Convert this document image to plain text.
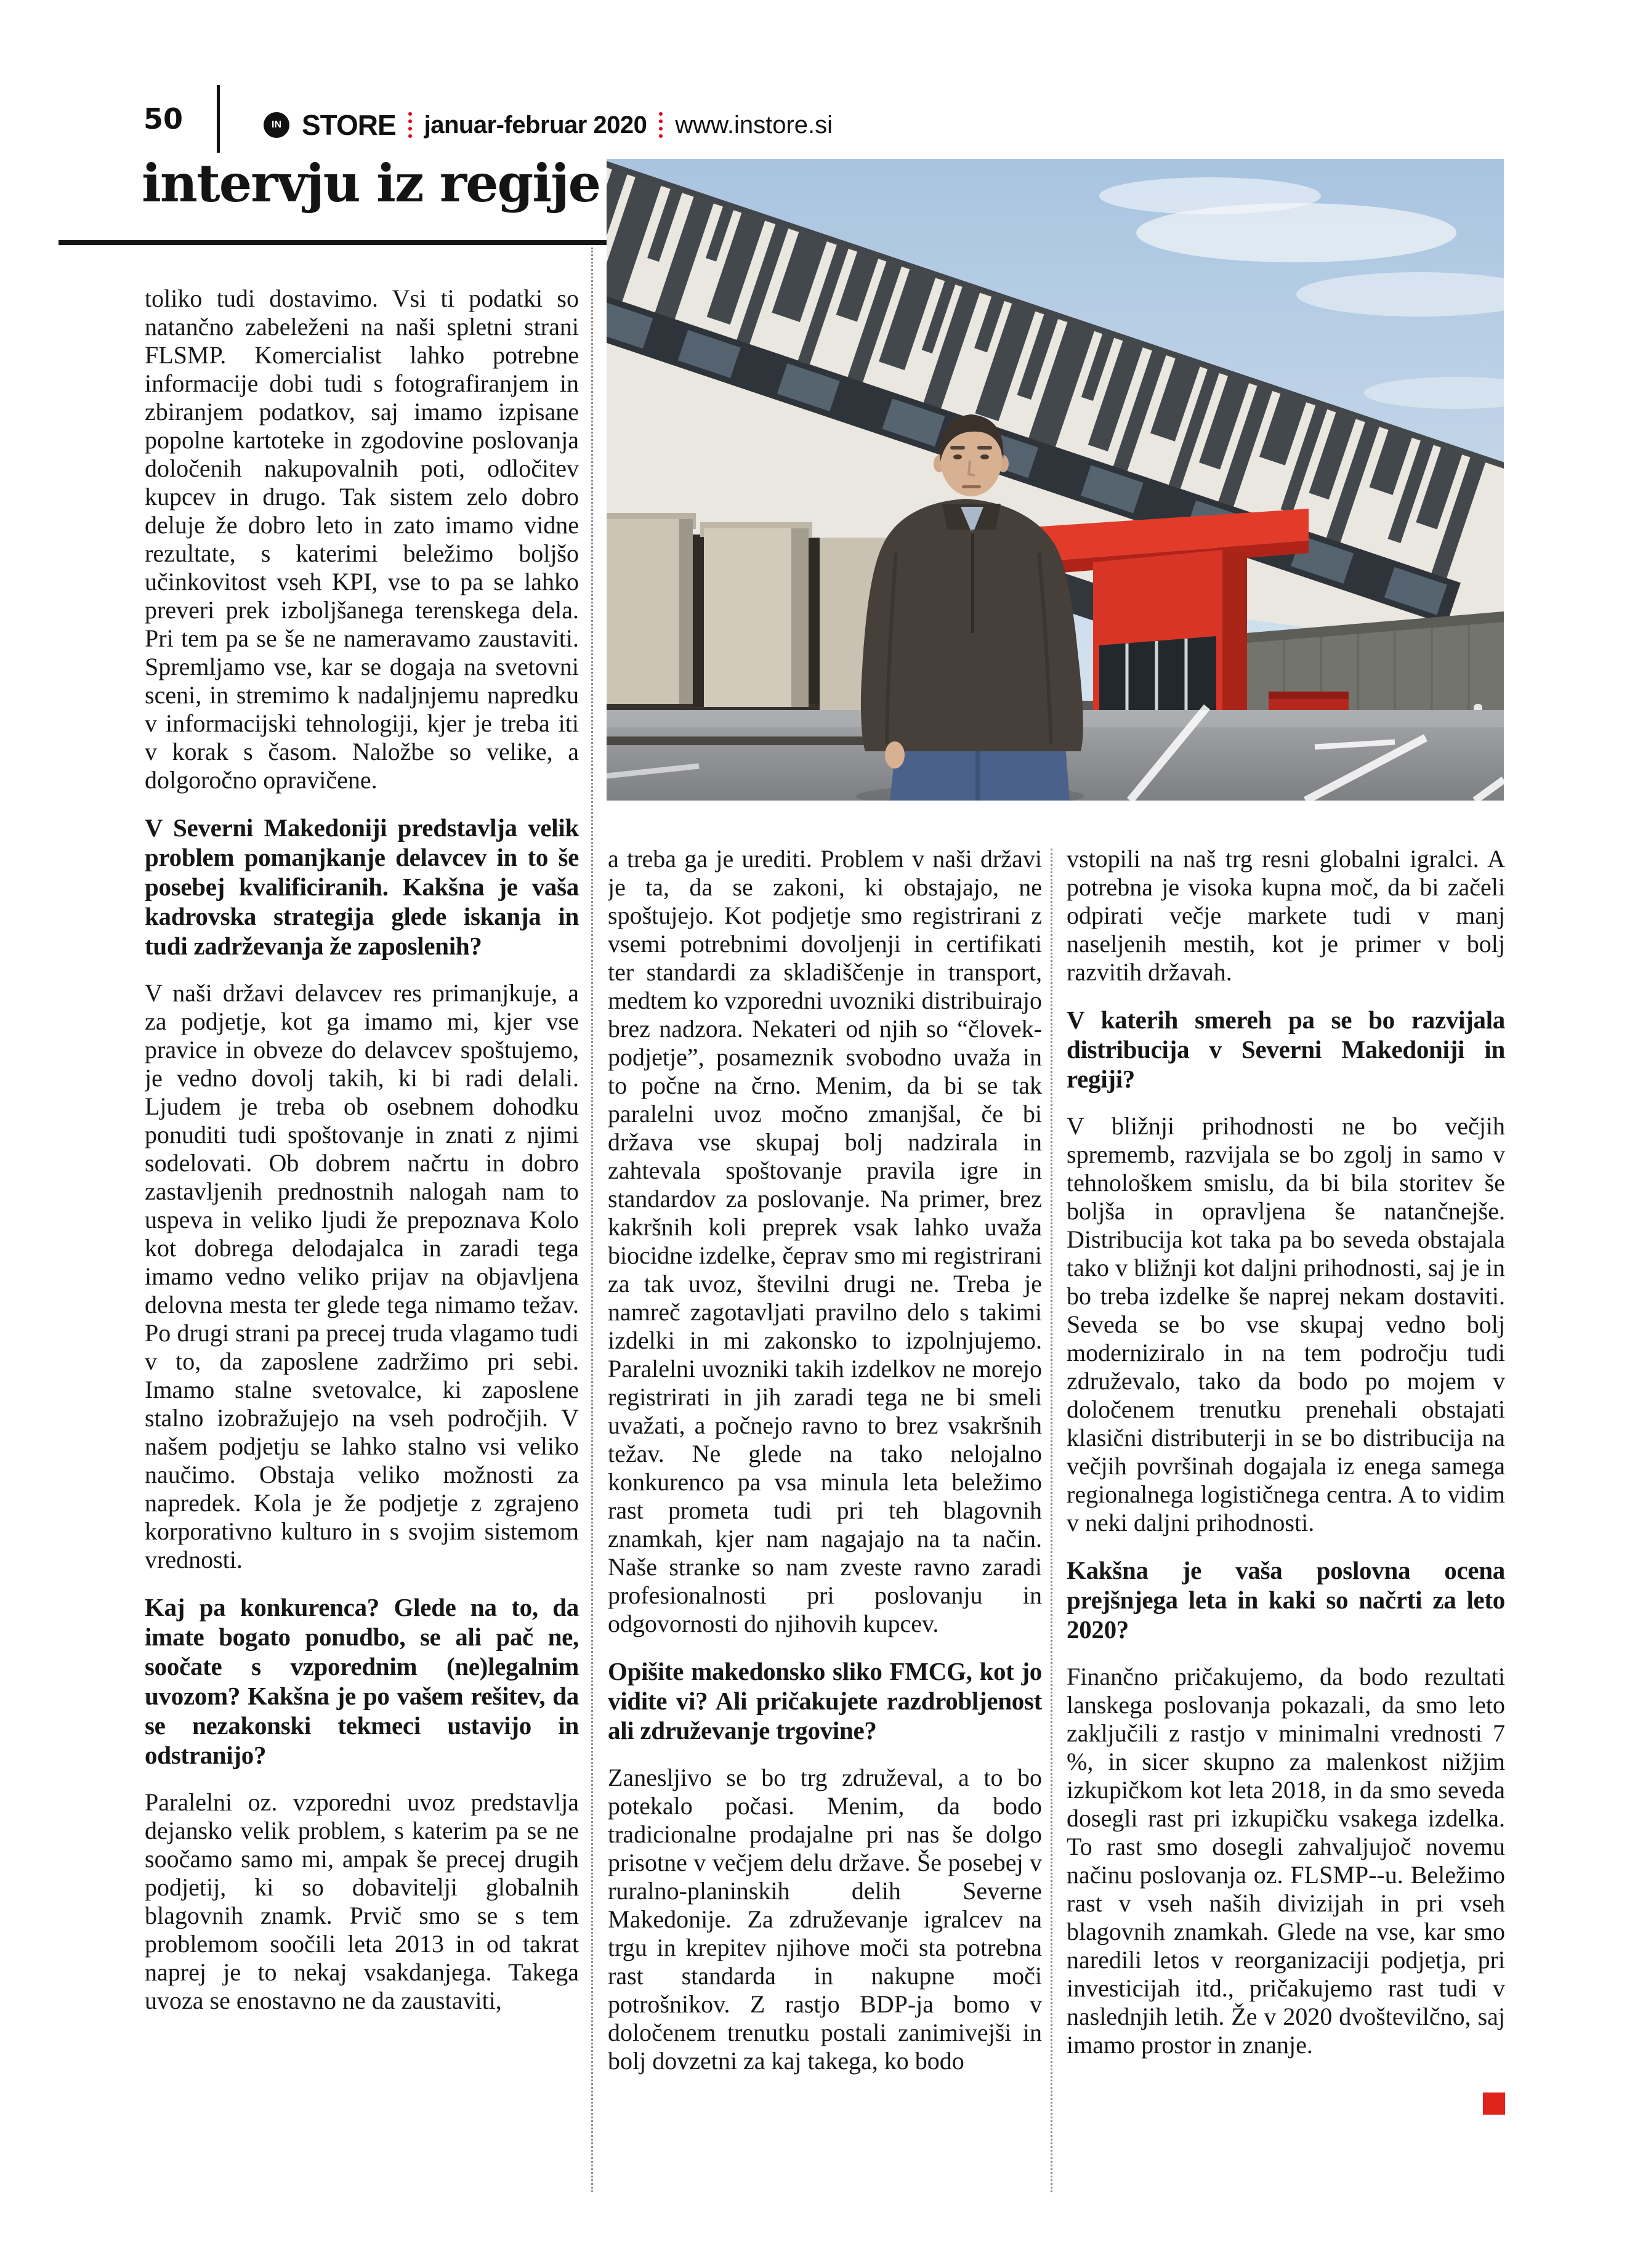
50	IN STORE januar-februar 2020 www.instore.si
intervju iz regije

toliko tudi dostavimo. Vsi ti podatki so natančno zabeleženi na naši spletni strani FLSMP. Komercialist lahko potrebne informacije dobi tudi s fotografiranjem in zbiranjem podatkov, saj imamo izpisane popolne kartoteke in zgodovine poslovanja določenih nakupovalnih poti, odločitev kupcev in drugo. Tak sistem zelo dobro deluje že dobro leto in zato imamo vidne rezultate, s katerimi beležimo boljšo učinkovitost vseh KPI, vse to pa se lahko preveri prek izboljšanega terenskega dela. Pri tem pa se še ne nameravamo zaustaviti. Spremljamo vse, kar se dogaja na svetovni sceni, in stremimo k nadaljnjemu napredku v informacijski tehnologiji, kjer je treba iti v korak s časom. Naložbe so velike, a dolgoročno opravičene.

V Severni Makedoniji predstavlja velik problem pomanjkanje delavcev in to še posebej kvalificiranih. Kakšna je vaša kadrovska strategija glede iskanja in tudi zadrževanja že zaposlenih?

V naši državi delavcev res primanjkuje, a za podjetje, kot ga imamo mi, kjer vse pravice in obveze do delavcev spoštujemo, je vedno dovolj takih, ki bi radi delali. Ljudem je treba ob osebnem dohodku ponuditi tudi spoštovanje in znati z njimi sodelovati. Ob dobrem načrtu in dobro zastavljenih prednostnih nalogah nam to uspeva in veliko ljudi že prepoznava Kolo kot dobrega delodajalca in zaradi tega imamo vedno veliko prijav na objavljena delovna mesta ter glede tega nimamo težav. Po drugi strani pa precej truda vlagamo tudi v to, da zaposlene zadržimo pri sebi. Imamo stalne svetovalce, ki zaposlene stalno izobražujejo na vseh področjih. V našem podjetju se lahko stalno vsi veliko naučimo. Obstaja veliko možnosti za napredek. Kola je že podjetje z zgrajeno korporativno kulturo in s svojim sistemom vrednosti.

Kaj pa konkurenca? Glede na to, da imate bogato ponudbo, se ali pač ne, soočate s vzporednim (ne)legalnim uvozom? Kakšna je po vašem rešitev, da se nezakonski tekmeci ustavijo in odstranijo?

Paralelni oz. vzporedni uvoz predstavlja dejansko velik problem, s katerim pa se ne soočamo samo mi, ampak še precej drugih podjetij, ki so dobavitelji globalnih blagovnih znamk. Prvič smo se s tem problemom soočili leta 2013 in od takrat naprej je to nekaj vsakdanjega. Takega uvoza se enostavno ne da zaustaviti,

a treba ga je urediti. Problem v naši državi je ta, da se zakoni, ki obstajajo, ne spoštujejo. Kot podjetje smo registrirani z vsemi potrebnimi dovoljenji in certifikati ter standardi za skladiščenje in transport, medtem ko vzporedni uvozniki distribuirajo brez nadzora. Nekateri od njih so “človek-podjetje”, posameznik svobodno uvaža in to počne na črno. Menim, da bi se tak paralelni uvoz močno zmanjšal, če bi država vse skupaj bolj nadzirala in zahtevala spoštovanje pravila igre in standardov za poslovanje. Na primer, brez kakršnih koli preprek vsak lahko uvaža biocidne izdelke, čeprav smo mi registrirani za tak uvoz, številni drugi ne. Treba je namreč zagotavljati pravilno delo s takimi izdelki in mi zakonsko to izpolnjujemo. Paralelni uvozniki takih izdelkov ne morejo registrirati in jih zaradi tega ne bi smeli uvažati, a počnejo ravno to brez vsakršnih težav. Ne glede na tako nelojalno konkurenco pa vsa minula leta beležimo rast prometa tudi pri teh blagovnih znamkah, kjer nam nagajajo na ta način. Naše stranke so nam zveste ravno zaradi profesionalnosti pri poslovanju in odgovornosti do njihovih kupcev.

Opišite makedonsko sliko FMCG, kot jo vidite vi? Ali pričakujete razdrobljenost ali združevanje trgovine?

Zanesljivo se bo trg združeval, a to bo potekalo počasi. Menim, da bodo tradicionalne prodajalne pri nas še dolgo prisotne v večjem delu države. Še posebej v ruralno-planinskih delih Severne Makedonije. Za združevanje igralcev na trgu in krepitev njihove moči sta potrebna rast standarda in nakupne moči potrošnikov. Z rastjo BDP-ja bomo v določenem trenutku postali zanimivejši in bolj dovzetni za kaj takega, ko bodo

vstopili na naš trg resni globalni igralci. A potrebna je visoka kupna moč, da bi začeli odpirati večje markete tudi v manj naseljenih mestih, kot je primer v bolj razvitih državah.

V katerih smereh pa se bo razvijala distribucija v Severni Makedoniji in regiji?

V bližnji prihodnosti ne bo večjih sprememb, razvijala se bo zgolj in samo v tehnološkem smislu, da bi bila storitev še boljša in opravljena še natančnejše. Distribucija kot taka pa bo seveda obstajala tako v bližnji kot daljni prihodnosti, saj je in bo treba izdelke še naprej nekam dostaviti. Seveda se bo vse skupaj vedno bolj moderniziralo in na tem področju tudi združevalo, tako da bodo po mojem v določenem trenutku prenehali obstajati klasični distributerji in se bo distribucija na večjih površinah dogajala iz enega samega regionalnega logističnega centra. A to vidim v neki daljni prihodnosti.

Kakšna je vaša poslovna ocena prejšnjega leta in kaki so načrti za leto 2020?

Finančno pričakujemo, da bodo rezultati lanskega poslovanja pokazali, da smo leto zaključili z rastjo v minimalni vrednosti 7 %, in sicer skupno za malenkost nižjim izkupičkom kot leta 2018, in da smo seveda dosegli rast pri izkupičku vsakega izdelka. To rast smo dosegli zahvaljujoč novemu načinu poslovanja oz. FLSMP--u. Beležimo rast v vseh naših divizijah in pri vseh blagovnih znamkah. Glede na vse, kar smo naredili letos v reorganizaciji podjetja, pri investicijah itd., pričakujemo rast tudi v naslednjih letih. Že v 2020 dvoštevilčno, saj imamo prostor in znanje.
